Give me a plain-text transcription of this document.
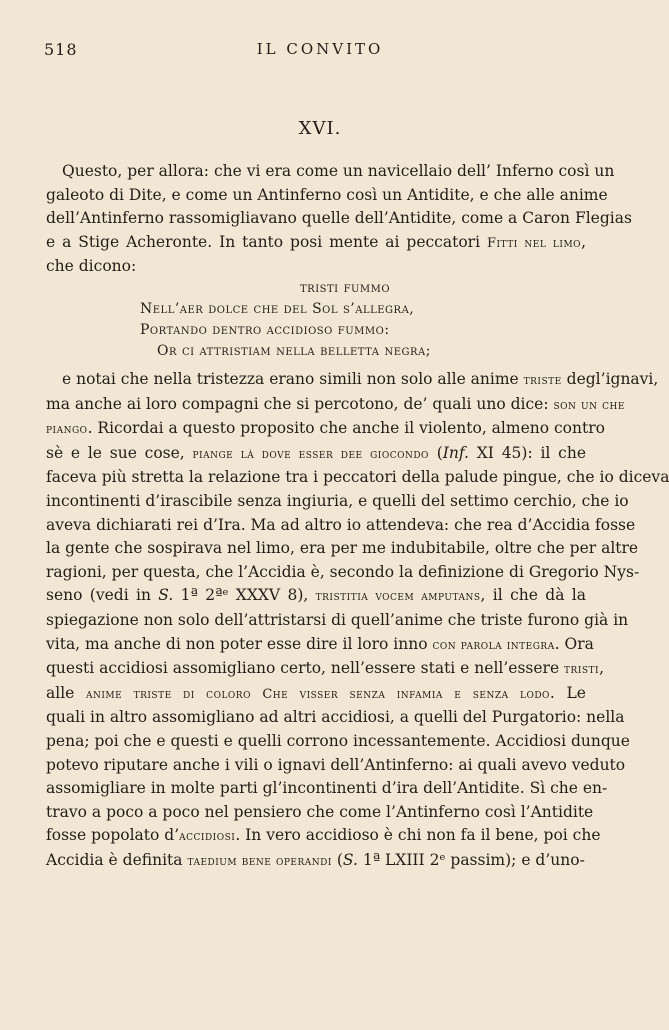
518	IL CONVITO
XVI.
Questo, per allora: che vi era come un navicellaio dell’ Inferno così un
galeoto di Dite, e come un Antinferno così un Antidite, e che alle anime
dell’Antinferno rassomigliavano quelle dell’Antidite, come a Caron Flegias
e a Stige Acheronte. In tanto posi mente ai peccatori Fitti nel limo,
che dicono:
tristi fummo
Nell’aer dolce che del Sol s’allegra,
Portando dentro accidioso fummo:
Or ci attristiam nella belletta negra;
e notai che nella tristezza erano simili non solo alle anime triste degl’ignavi,
ma anche ai loro compagni che si percotono, de’ quali uno dice: son un che
piango. Ricordai a questo proposito che anche il violento, almeno contro
sè e le sue cose, piange là dove esser dee giocondo (Inf. XI 45): il che
faceva più stretta la relazione tra i peccatori della palude pingue, che io diceva
incontinenti d’irascibile senza ingiuria, e quelli del settimo cerchio, che io
aveva dichiarati rei d’Ira. Ma ad altro io attendeva: che rea d’Accidia fosse
la gente che sospirava nel limo, era per me indubitabile, oltre che per altre
ragioni, per questa, che l’Accidia è, secondo la definizione di Gregorio Nys-
seno (vedi in S. 1ª 2ªᵉ XXXV 8), tristitia vocem amputans, il che dà la
spiegazione non solo dell’attristarsi di quell’anime che triste furono già in
vita, ma anche di non poter esse dire il loro inno con parola integra. Ora
questi accidiosi assomigliano certo, nell’essere stati e nell’essere tristi,
alle anime triste di coloro Che visser senza infamia e senza lodo. Le
quali in altro assomigliano ad altri accidiosi, a quelli del Purgatorio: nella
pena; poi che e questi e quelli corrono incessantemente. Accidiosi dunque
potevo riputare anche i vili o ignavi dell’Antinferno: ai quali avevo veduto
assomigliare in molte parti gl’incontinenti d’ira dell’Antidite. Sì che en-
travo a poco a poco nel pensiero che come l’Antinferno così l’Antidite
fosse popolato d’accidiosi. In vero accidioso è chi non fa il bene, poi che
Accidia è definita taedium bene operandi (S. 1ª LXIII 2ᵉ passim); e d’uno-
